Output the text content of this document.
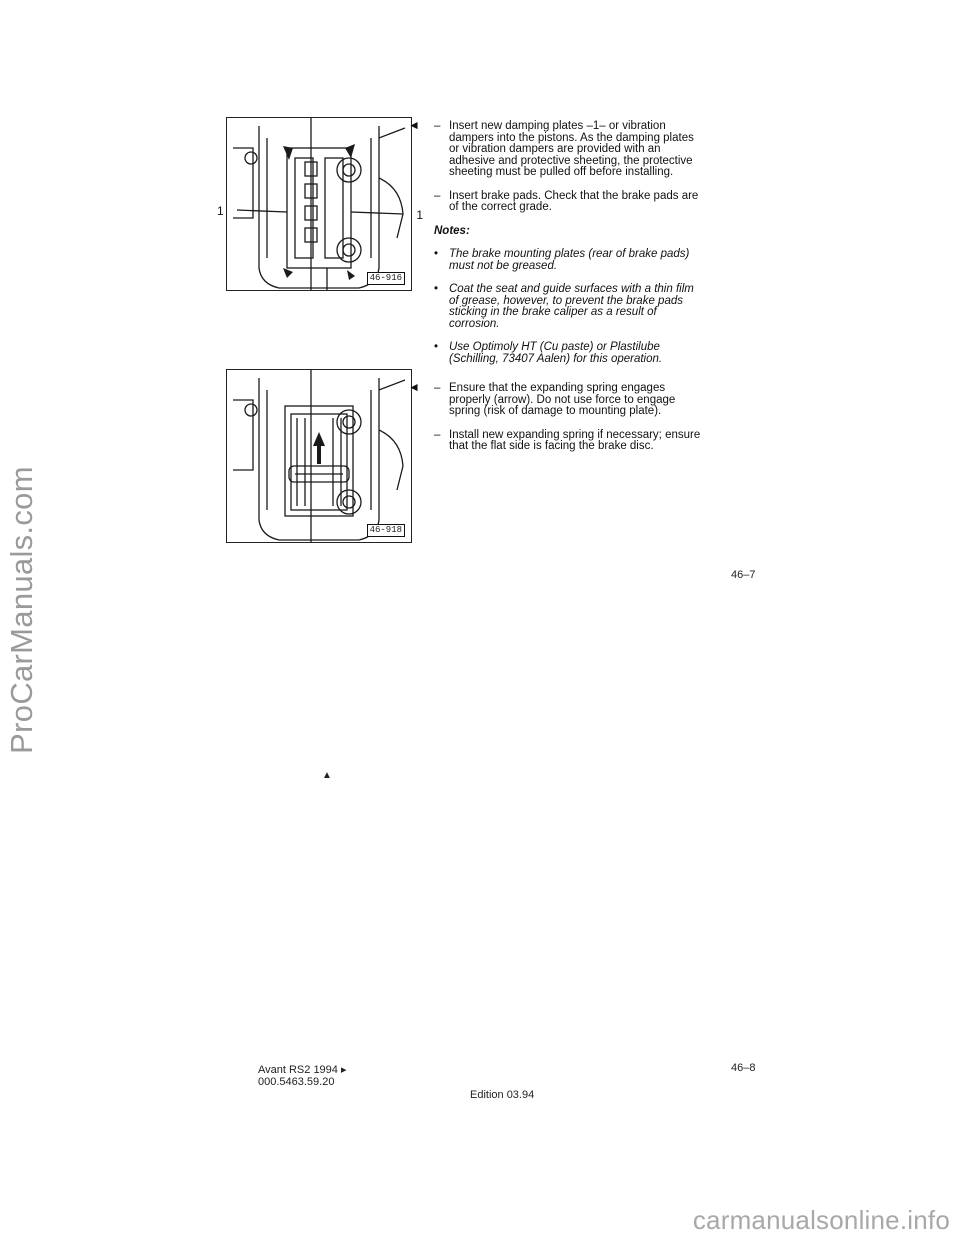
ProCarManuals.com
1	1
46-916
46-918
◄ – Insert new damping plates –1– or vibration dampers into the pistons. As the damping plates or vibration dampers are provided with an adhesive and protective sheeting, the protective sheeting must be pulled off before installing.
– Insert brake pads. Check that the brake pads are of the correct grade.
Notes:
• The brake mounting plates (rear of brake pads) must not be greased.
• Coat the seat and guide surfaces with a thin film of grease, however, to prevent the brake pads sticking in the brake caliper as a result of corrosion.
• Use Optimoly HT (Cu paste) or Plastilube (Schilling, 73407 Aalen) for this operation.
◄ – Ensure that the expanding spring engages properly (arrow). Do not use force to engage spring (risk of damage to mounting plate).
– Install new expanding spring if necessary; ensure that the flat side is facing the brake disc.
46–7
▲
46–8
Avant RS2 1994 ▸
000.5463.59.20
Edition 03.94
carmanualsonline.info
